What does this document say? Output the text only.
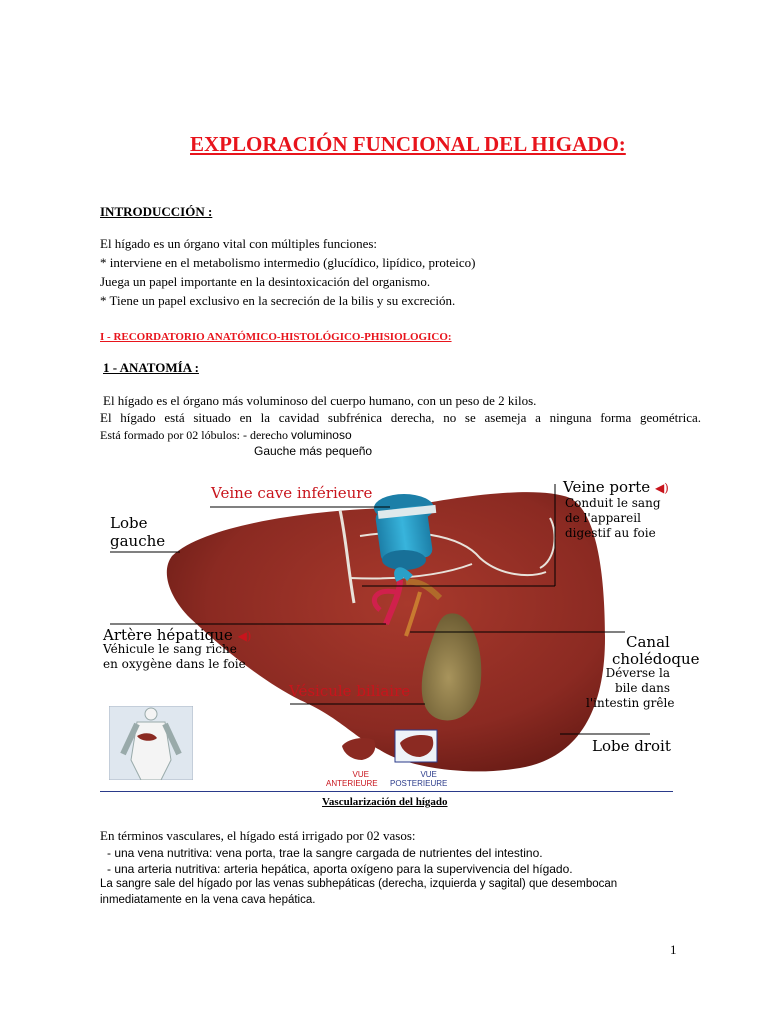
EXPLORACIÓN FUNCIONAL DEL HIGADO:
INTRODUCCIÓN :
El hígado es un órgano vital con múltiples funciones:
* interviene en el metabolismo intermedio (glucídico, lipídico, proteico)
Juega un papel importante en la desintoxicación del organismo.
* Tiene un papel exclusivo en la secreción de la bilis y su excreción.
I - RECORDATORIO ANATÓMICO-HISTOLÓGICO-PHISIOLOGICO:
1 - ANATOMÍA :
El hígado es el órgano más voluminoso del cuerpo humano, con un peso de 2 kilos.
El hígado está situado en la cavidad subfrénica derecha, no se asemeja a ninguna forma geométrica.
Está formado por 02 lóbulos: - derecho voluminoso
Gauche más pequeño
Veine cave inférieure	Veine porte ◀)
Conduit le sang
de l'appareil
digestif au foie
Lobe
gauche
Artère hépatique ◀)
Véhicule le sang riche
en oxygène dans le foie
Canal
cholédoque
Déverse la
bile dans
l'intestin grêle
Vésicule biliaire
Lobe droit
VUE
ANTERIEURE
VUE
POSTERIEURE
Vascularización del hígado
En términos vasculares, el hígado está irrigado por 02 vasos:
- una vena nutritiva: vena porta, trae la sangre cargada de nutrientes del intestino.
- una arteria nutritiva: arteria hepática, aporta oxígeno para la supervivencia del hígado.
La sangre sale del hígado por las venas subhepáticas (derecha, izquierda y sagital) que desembocan
inmediatamente en la vena cava hepática.
1
